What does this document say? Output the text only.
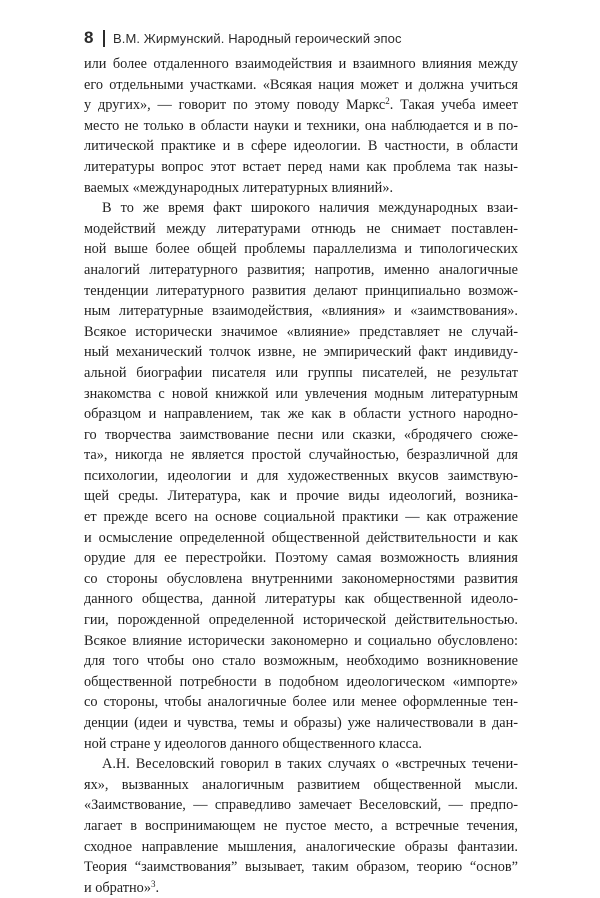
8 В.М. Жирмунский. Народный героический эпос
или более отдаленного взаимодействия и взаимного влияния между
его отдельными участками. «Всякая нация может и должна учиться
у других», — говорит по этому поводу Маркс$^2$. Такая учеба имеет
место не только в области науки и техники, она наблюдается и в по-
литической практике и в сфере идеологии. В частности, в области
литературы вопрос этот встает перед нами как проблема так назы-
ваемых «международных литературных влияний».
В то же время факт широкого наличия международных взаи-
модействий между литературами отнюдь не снимает поставлен-
ной выше более общей проблемы параллелизма и типологических
аналогий литературного развития; напротив, именно аналогичные
тенденции литературного развития делают принципиально возмож-
ным литературные взаимодействия, «влияния» и «заимствования».
Всякое исторически значимое «влияние» представляет не случай-
ный механический толчок извне, не эмпирический факт индивиду-
альной биографии писателя или группы писателей, не результат
знакомства с новой книжкой или увлечения модным литературным
образцом и направлением, так же как в области устного народно-
го творчества заимствование песни или сказки, «бродячего сюже-
та», никогда не является простой случайностью, безразличной для
психологии, идеологии и для художественных вкусов заимствую-
щей среды. Литература, как и прочие виды идеологий, возника-
ет прежде всего на основе социальной практики — как отражение
и осмысление определенной общественной действительности и как
орудие для ее перестройки. Поэтому самая возможность влияния
со стороны обусловлена внутренними закономерностями развития
данного общества, данной литературы как общественной идеоло-
гии, порожденной определенной исторической действительностью.
Всякое влияние исторически закономерно и социально обусловлено:
для того чтобы оно стало возможным, необходимо возникновение
общественной потребности в подобном идеологическом «импорте»
со стороны, чтобы аналогичные более или менее оформленные тен-
денции (идеи и чувства, темы и образы) уже наличествовали в дан-
ной стране у идеологов данного общественного класса.
А.Н. Веселовский говорил в таких случаях о «встречных течени-
ях», вызванных аналогичным развитием общественной мысли.
«Заимствование, — справедливо замечает Веселовский, — предпо-
лагает в воспринимающем не пустое место, а встречные течения,
сходное направление мышления, аналогические образы фантазии.
Теория “заимствования” вызывает, таким образом, теорию “основ”
и обратно»$^3$.
